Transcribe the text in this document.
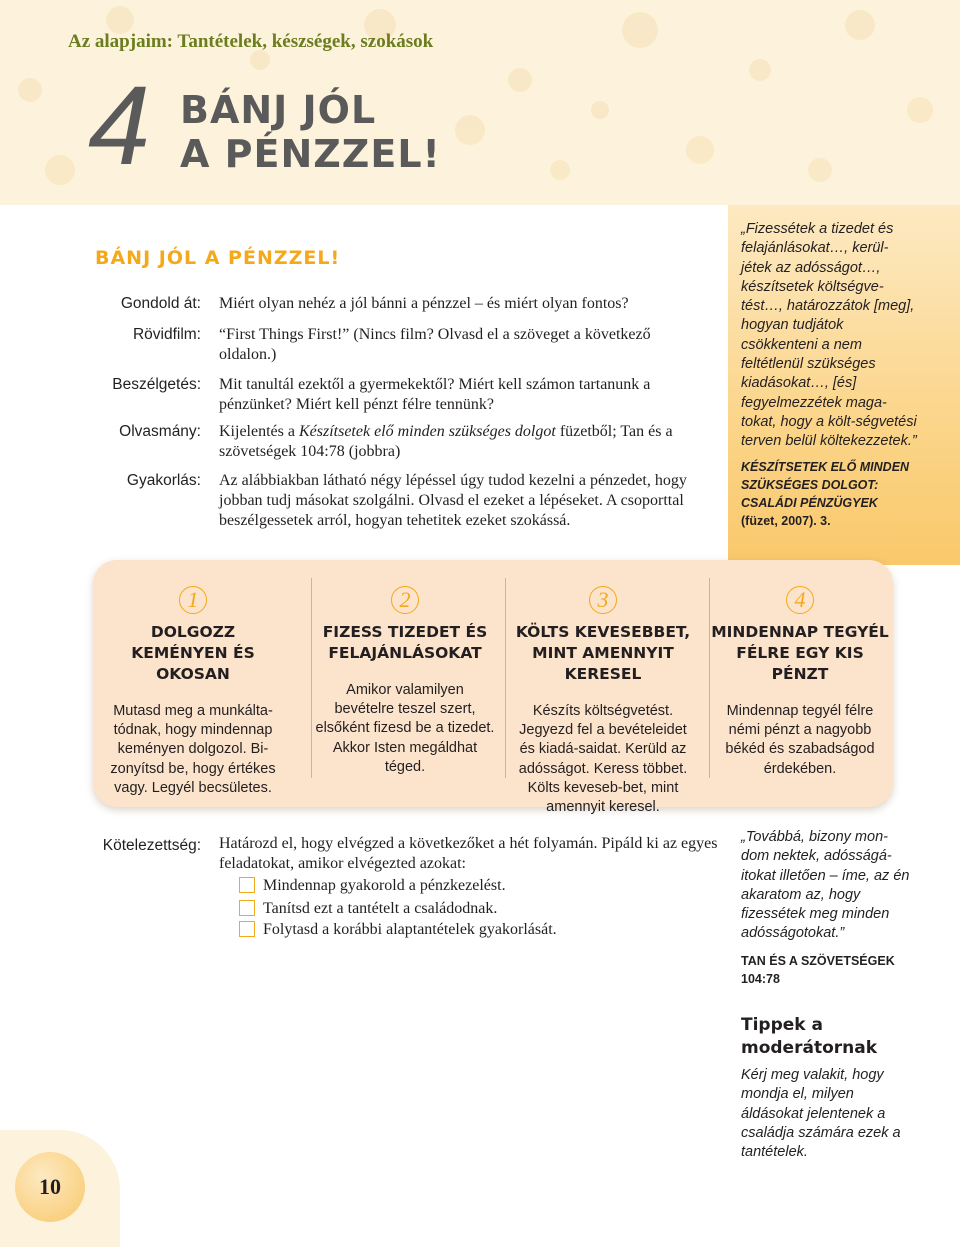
Az alapjaim: Tantételek, készségek, szokások
4 BÁNJ JÓL
A PÉNZZEL!
BÁNJ JÓL A PÉNZZEL!
Gondold át: Miért olyan nehéz a jól bánni a pénzzel – és miért olyan fontos?
Rövidfilm: “First Things First!” (Nincs film? Olvasd el a szöveget a következő oldalon.)
Beszélgetés: Mit tanultál ezektől a gyermekektől? Miért kell számon tartanunk a pénzünket? Miért kell pénzt félre tennünk?
Olvasmány: Kijelentés a Készítsetek elő minden szükséges dolgot füzetből; Tan és a szövetségek 104:78 (jobbra)
Gyakorlás: Az alábbiakban látható négy lépéssel úgy tudod kezelni a pénzedet, hogy jobban tudj másokat szolgálni. Olvasd el ezeket a lépéseket. A csoporttal beszélgessetek arról, hogyan tehetitek ezeket szokássá.
„Fizessétek a tizedet és felajánlásokat…, kerül-jétek az adósságot…, készítsetek költségve-tést…, határozzátok [meg], hogyan tudjátok csökkenteni a nem feltétlenül szükséges kiadásokat…, [és] fegyelmezzétek maga-tokat, hogy a költ-ségvetési terven belül költekezzetek.”
KÉSZÍTSETEK ELŐ MINDEN SZÜKSÉGES DOLGOT: CSALÁDI PÉNZÜGYEK
(füzet, 2007). 3.
1
DOLGOZZ KEMÉNYEN ÉS OKOSAN
Mutasd meg a munkálta-tódnak, hogy mindennap keményen dolgozol. Bi-zonyítsd be, hogy értékes vagy. Legyél becsületes.
2
FIZESS TIZEDET ÉS FELAJÁNLÁSOKAT
Amikor valamilyen bevételre teszel szert, elsőként fizesd be a tizedet. Akkor Isten megáldhat téged.
3
KÖLTS KEVESEBBET, MINT AMENNYIT KERESEL
Készíts költségvetést. Jegyezd fel a bevételeidet és kiadá-saidat. Kerüld az adósságot. Keress többet. Költs keveseb-bet, mint amennyit keresel.
4
MINDENNAP TEGYÉL FÉLRE EGY KIS PÉNZT
Mindennap tegyél félre némi pénzt a nagyobb békéd és szabadságod érdekében.
Kötelezettség: Határozd el, hogy elvégzed a következőket a hét folyamán. Pipáld ki az egyes feladatokat, amikor elvégezted azokat:
Mindennap gyakorold a pénzkezelést.
Tanítsd ezt a tantételt a családodnak.
Folytasd a korábbi alaptantételek gyakorlását.
„Továbbá, bizony mon-dom nektek, adósságá-itokat illetően – íme, az én akaratom az, hogy fizessétek meg minden adósságotokat.”
TAN ÉS A SZÖVETSÉGEK 104:78
Tippek a moderátornak
Kérj meg valakit, hogy mondja el, milyen áldásokat jelentenek a családja számára ezek a tantételek.
10
